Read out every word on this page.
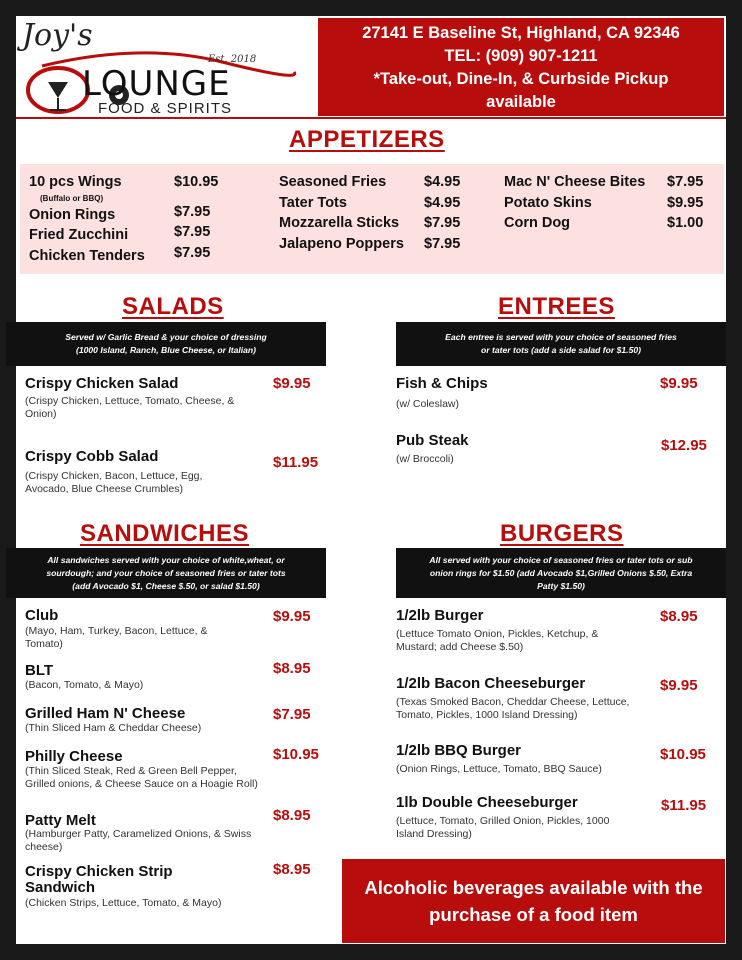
Joy's
Est. 2018
LOUNGE
FOOD & SPIRITS
27141 E Baseline St, Highland, CA 92346
TEL: (909) 907-1211
*Take-out, Dine-In, & Curbside Pickup
available
APPETIZERS
10 pcs Wings	$10.95
(Buffalo or BBQ)
Onion Rings	$7.95
Fried Zucchini	$7.95
Chicken Tenders $7.95
Seasoned Fries	$4.95
Tater Tots	$4.95
Mozzarella Sticks $7.95
Jalapeno Poppers $7.95
Mac N' Cheese Bites $7.95
Potato Skins	$9.95
Corn Dog	$1.00
SALADS
Served w/ Garlic Bread & your choice of dressing
(1000 Island, Ranch, Blue Cheese, or Italian)
Crispy Chicken Salad	$9.95
(Crispy Chicken, Lettuce, Tomato, Cheese, & Onion)
Crispy Cobb Salad	$11.95
(Crispy Chicken, Bacon, Lettuce, Egg, Avocado, Blue Cheese Crumbles)
ENTREES
Each entree is served with your choice of seasoned fries
or tater tots (add a side salad for $1.50)
Fish & Chips	$9.95
(w/ Coleslaw)
Pub Steak	$12.95
(w/ Broccoli)
SANDWICHES
All sandwiches served with your choice of white,wheat, or
sourdough; and your choice of seasoned fries or tater tots
(add Avocado $1, Cheese $.50, or salad $1.50)
Club	$9.95
(Mayo, Ham, Turkey, Bacon, Lettuce, & Tomato)
BLT	$8.95
(Bacon, Tomato, & Mayo)
Grilled Ham N' Cheese	$7.95
(Thin Sliced Ham & Cheddar Cheese)
Philly Cheese	$10.95
(Thin Sliced Steak, Red & Green Bell Pepper, Grilled onions, & Cheese Sauce on a Hoagie Roll)
Patty Melt	$8.95
(Hamburger Patty, Caramelized Onions, & Swiss cheese)
Crispy Chicken Strip
Sandwich
$8.95
(Chicken Strips, Lettuce, Tomato, & Mayo)
BURGERS
All served with your choice of seasoned fries or tater tots or sub
onion rings for $1.50 (add Avocado $1,Grilled Onions $.50, Extra
Patty $1.50)
1/2lb Burger	$8.95
(Lettuce Tomato Onion, Pickles, Ketchup, & Mustard; add Cheese $.50)
1/2lb Bacon Cheeseburger	$9.95
(Texas Smoked Bacon, Cheddar Cheese, Lettuce, Tomato, Pickles, 1000 Island Dressing)
1/2lb BBQ Burger	$10.95
(Onion Rings, Lettuce, Tomato, BBQ Sauce)
1lb Double Cheeseburger	$11.95
(Lettuce, Tomato, Grilled Onion, Pickles, 1000 Island Dressing)
Alcoholic beverages available with the
purchase of a food item
